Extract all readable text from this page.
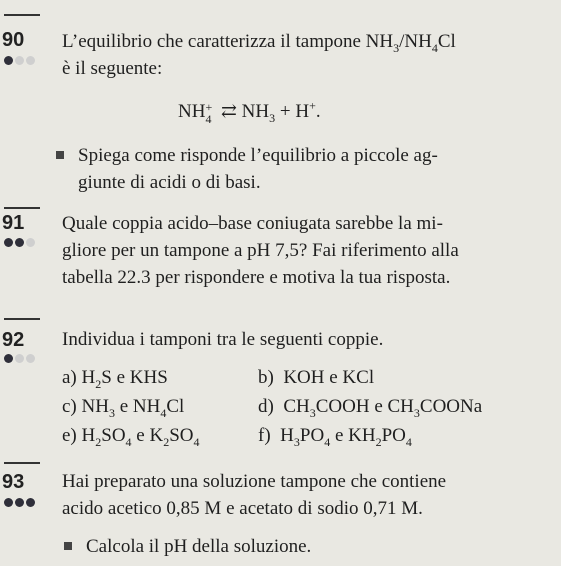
90 L’equilibrio che caratterizza il tampone $NH_3/NH_4Cl$
è il seguente:
NH +
4 ⇄ $NH_3 + H^+$.
Spiega come risponde l’equilibrio a piccole ag-
giunte di acidi o di basi.
91 Quale coppia acido–base coniugata sarebbe la mi-
gliore per un tampone a pH 7,5? Fai riferimento alla
tabella 22.3 per rispondere e motiva la tua risposta.
92 Individua i tamponi tra le seguenti coppie.
a) $H_2S$ e KHS	b) KOH e KCl
c) $NH_3$ e $NH_4Cl$	d) $CH_3COOH$ e $CH_3COONa$
e) $H_2SO_4$ e $K_2SO_4$	f) $H_3PO_4$ e $KH_2PO_4$
93 Hai preparato una soluzione tampone che contiene
acido acetico 0,85 M e acetato di sodio 0,71 M.
Calcola il pH della soluzione.
